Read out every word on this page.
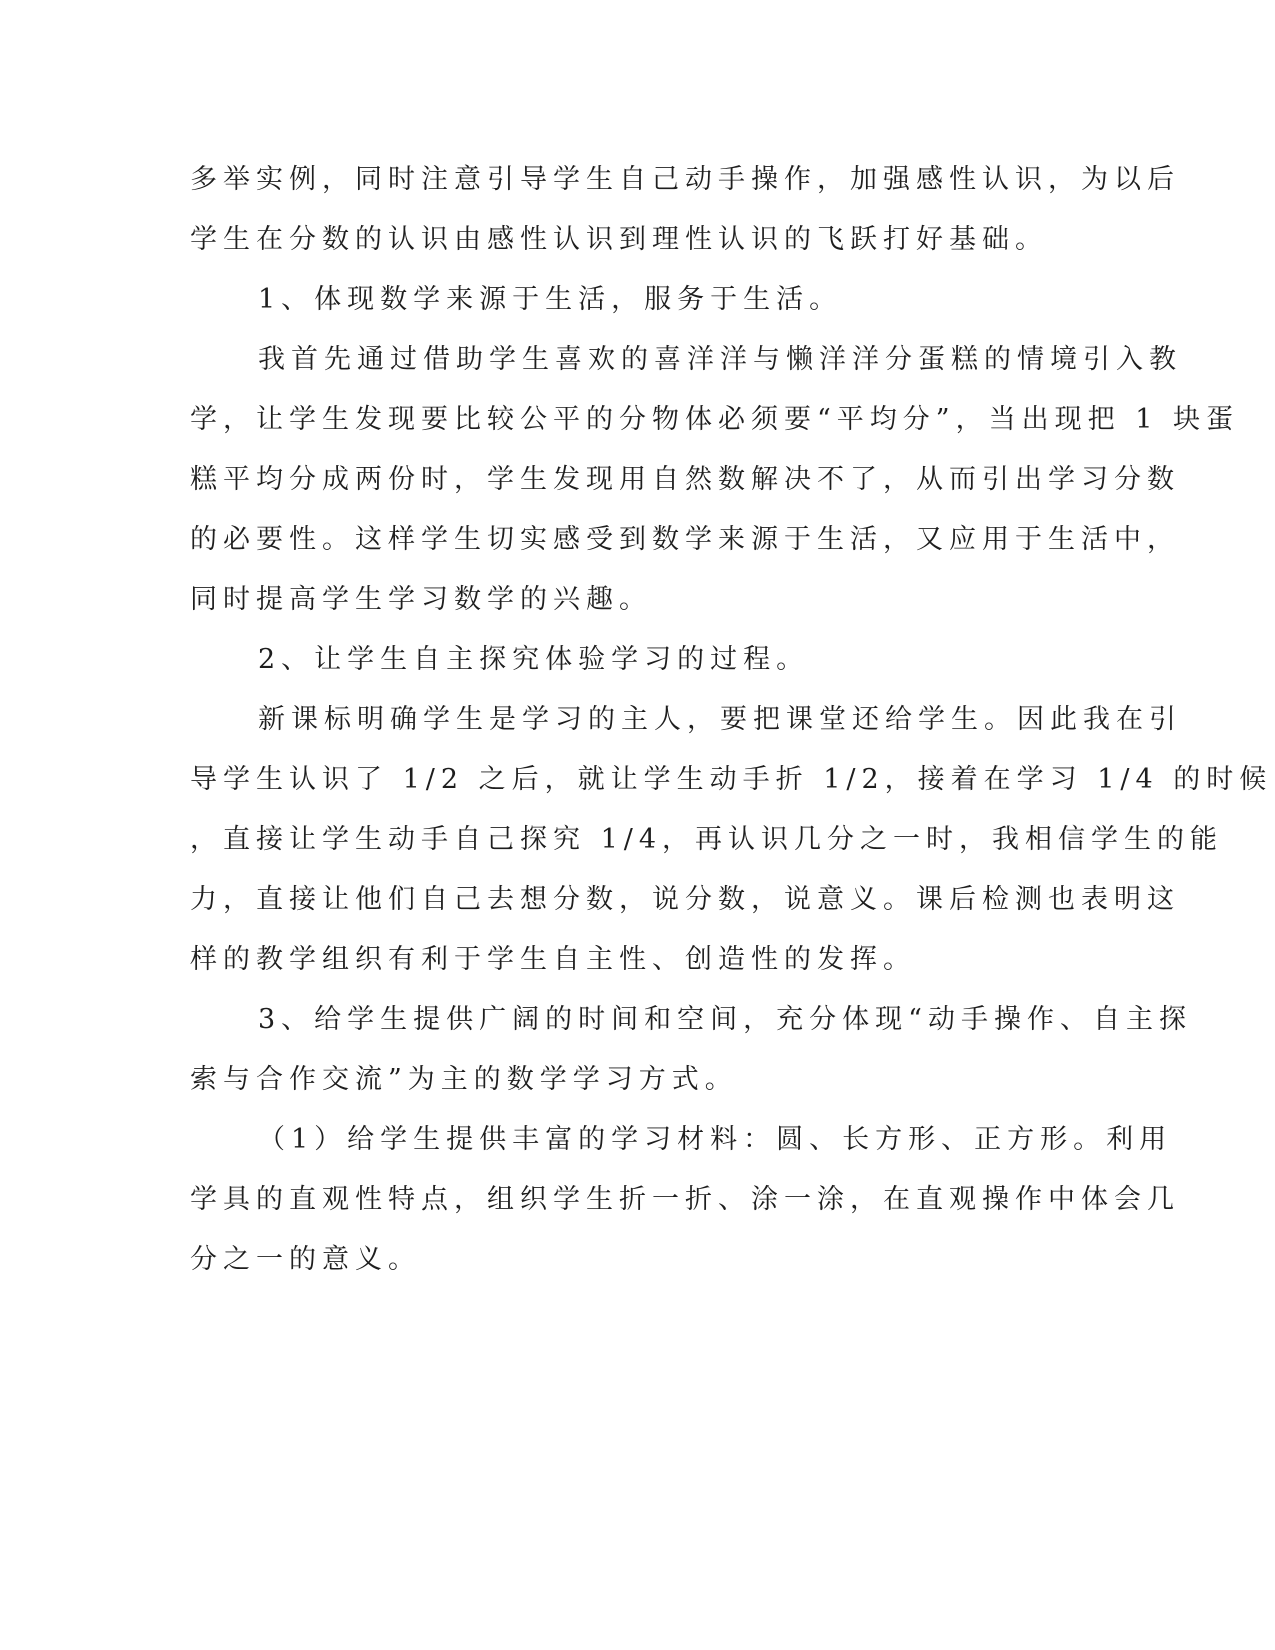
多举实例，同时注意引导学生自己动手操作，加强感性认识，为以后

学生在分数的认识由感性认识到理性认识的飞跃打好基础。

1、体现数学来源于生活，服务于生活。

我首先通过借助学生喜欢的喜洋洋与懒洋洋分蛋糕的情境引入教

学，让学生发现要比较公平的分物体必须要“平均分”，当出现把 1 块蛋

糕平均分成两份时，学生发现用自然数解决不了，从而引出学习分数

的必要性。这样学生切实感受到数学来源于生活，又应用于生活中，

同时提高学生学习数学的兴趣。

2、让学生自主探究体验学习的过程。

新课标明确学生是学习的主人，要把课堂还给学生。因此我在引

导学生认识了 1/2 之后，就让学生动手折 1/2，接着在学习 1/4 的时候

，直接让学生动手自己探究 1/4，再认识几分之一时，我相信学生的能

力，直接让他们自己去想分数，说分数，说意义。课后检测也表明这

样的教学组织有利于学生自主性、创造性的发挥。

3、给学生提供广阔的时间和空间，充分体现“动手操作、自主探

索与合作交流”为主的数学学习方式。

（1）给学生提供丰富的学习材料：圆、长方形、正方形。利用

学具的直观性特点，组织学生折一折、涂一涂，在直观操作中体会几

分之一的意义。
